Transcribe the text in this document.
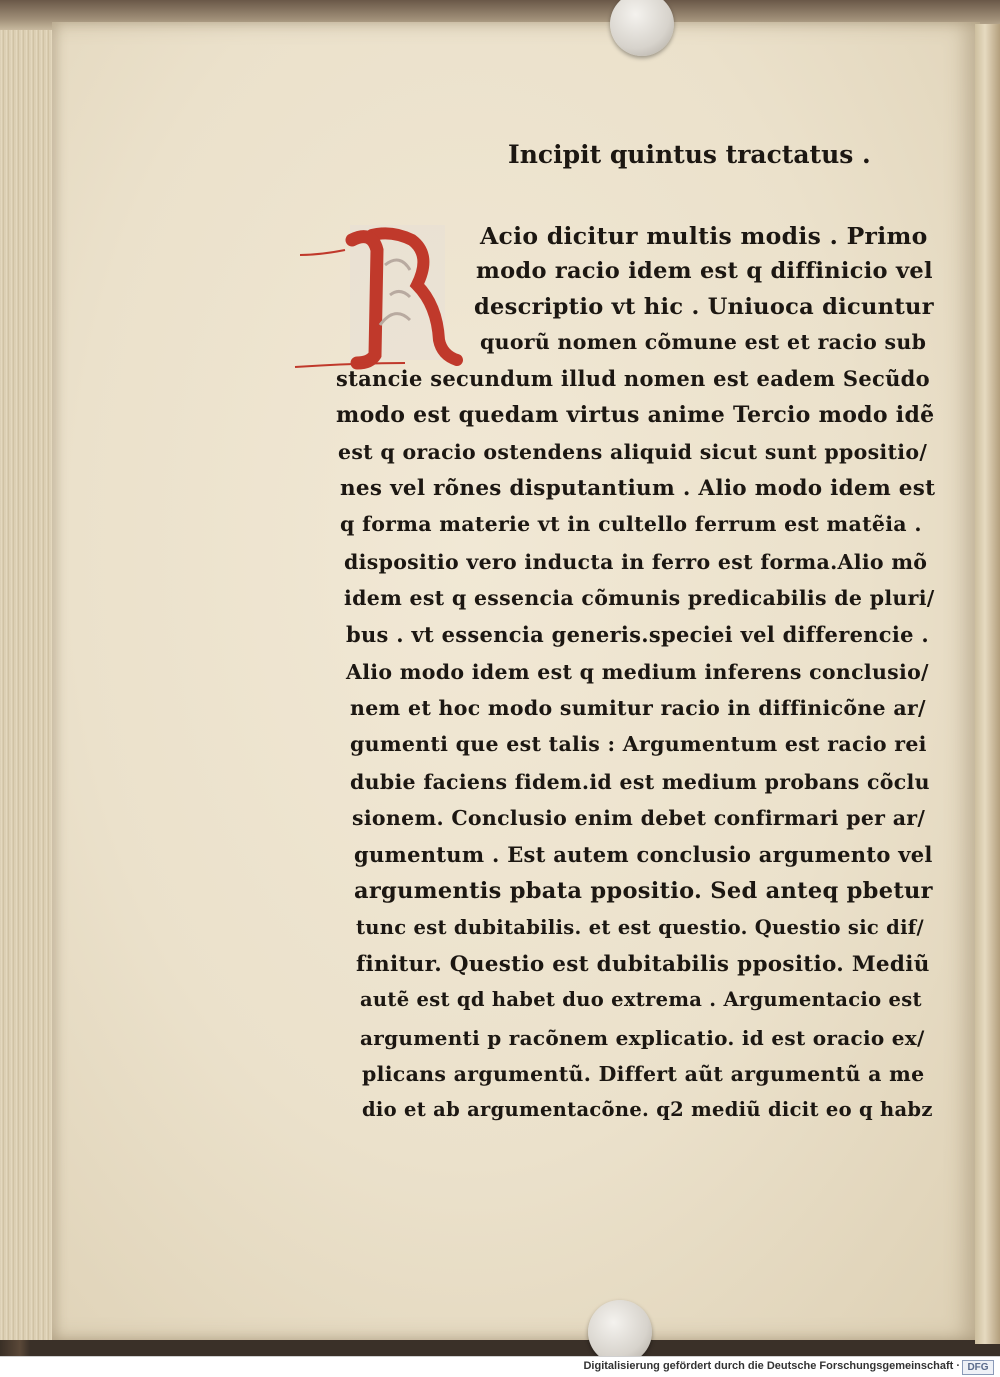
Incipit quintus tractatus .
Acio dicitur multis modis . Primo
modo racio idem est q diffinicio vel
descriptio vt hic . Uniuoca dicuntur
quorũ nomen cõmune est et racio sub
stancie secundum illud nomen est eadem Secũdo
modo est quedam virtus anime Tercio modo idẽ
est q oracio ostendens aliquid sicut sunt ppositio/
nes vel rõnes disputantium . Alio modo idem est
q forma materie vt in cultello ferrum est matẽia .
dispositio vero inducta in ferro est forma.Alio mõ
idem est q essencia cõmunis predicabilis de pluri/
bus . vt essencia generis.speciei vel differencie .
Alio modo idem est q medium inferens conclusio/
nem et hoc modo sumitur racio in diffinicõne ar/
gumenti que est talis : Argumentum est racio rei
dubie faciens fidem.id est medium probans cõclu
sionem. Conclusio enim debet confirmari per ar/
gumentum . Est autem conclusio argumento vel
argumentis pbata ppositio. Sed anteq pbetur
tunc est dubitabilis. et est questio. Questio sic dif/
finitur. Questio est dubitabilis ppositio. Mediũ
autẽ est qd habet duo extrema . Argumentacio est
argumenti p racõnem explicatio. id est oracio ex/
plicans argumentũ. Differt aũt argumentũ a me
dio et ab argumentacõne. q2 mediũ dicit eo q habz
Digitalisierung gefördert durch die Deutsche Forschungsgemeinschaft · DFG
